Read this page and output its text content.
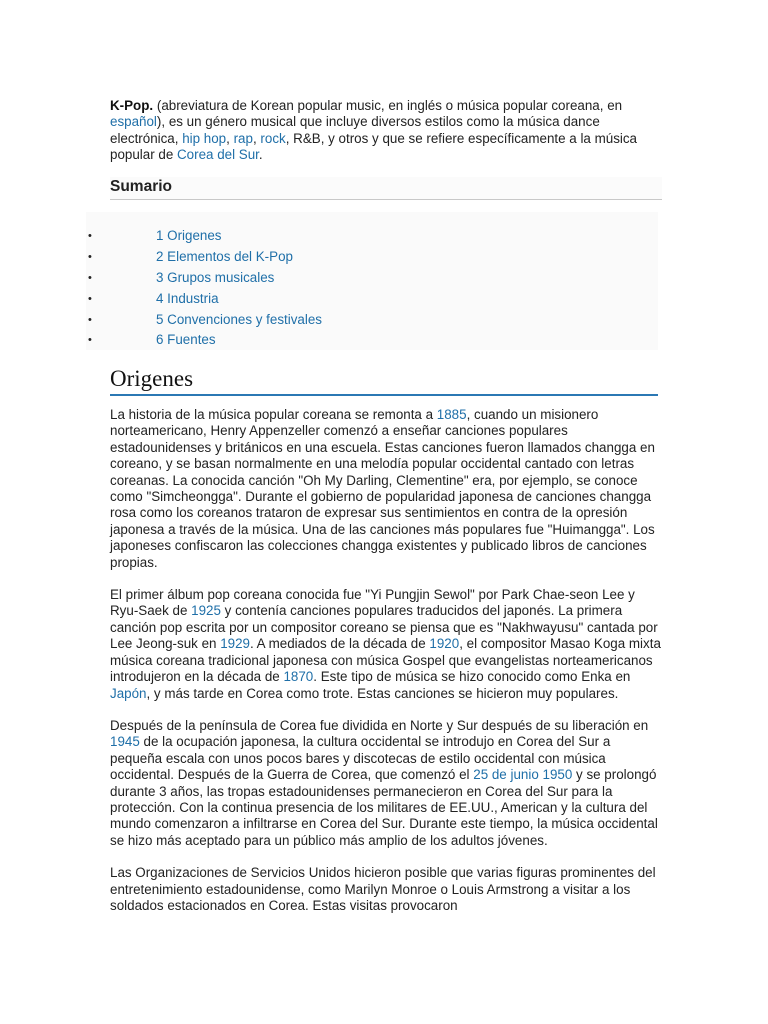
K-Pop. (abreviatura de Korean popular music, en inglés o música popular coreana, en español), es un género musical que incluye diversos estilos como la música dance electrónica, hip hop, rap, rock, R&B, y otros y que se refiere específicamente a la música popular de Corea del Sur.

Sumario
•	1 Origenes
•	2 Elementos del K-Pop
•	3 Grupos musicales
•	4 Industria
•	5 Convenciones y festivales
•	6 Fuentes
Origenes

La historia de la música popular coreana se remonta a 1885, cuando un misionero norteamericano, Henry Appenzeller comenzó a enseñar canciones populares estadounidenses y británicos en una escuela. Estas canciones fueron llamados changga en coreano, y se basan normalmente en una melodía popular occidental cantado con letras coreanas. La conocida canción "Oh My Darling, Clementine" era, por ejemplo, se conoce como "Simcheongga". Durante el gobierno de popularidad japonesa de canciones changga rosa como los coreanos trataron de expresar sus sentimientos en contra de la opresión japonesa a través de la música. Una de las canciones más populares fue "Huimangga". Los japoneses confiscaron las colecciones changga existentes y publicado libros de canciones propias.

El primer álbum pop coreana conocida fue "Yi Pungjin Sewol" por Park Chae-seon Lee y Ryu-Saek de 1925 y contenía canciones populares traducidos del japonés. La primera canción pop escrita por un compositor coreano se piensa que es "Nakhwayusu" cantada por Lee Jeong-suk en 1929. A mediados de la década de 1920, el compositor Masao Koga mixta música coreana tradicional japonesa con música Gospel que evangelistas norteamericanos introdujeron en la década de 1870. Este tipo de música se hizo conocido como Enka en Japón, y más tarde en Corea como trote. Estas canciones se hicieron muy populares.

Después de la península de Corea fue dividida en Norte y Sur después de su liberación en 1945 de la ocupación japonesa, la cultura occidental se introdujo en Corea del Sur a pequeña escala con unos pocos bares y discotecas de estilo occidental con música occidental. Después de la Guerra de Corea, que comenzó el 25 de junio 1950 y se prolongó durante 3 años, las tropas estadounidenses permanecieron en Corea del Sur para la protección. Con la continua presencia de los militares de EE.UU., American y la cultura del mundo comenzaron a infiltrarse en Corea del Sur. Durante este tiempo, la música occidental se hizo más aceptado para un público más amplio de los adultos jóvenes.

Las Organizaciones de Servicios Unidos hicieron posible que varias figuras prominentes del entretenimiento estadounidense, como Marilyn Monroe o Louis Armstrong a visitar a los soldados estacionados en Corea. Estas visitas provocaron
